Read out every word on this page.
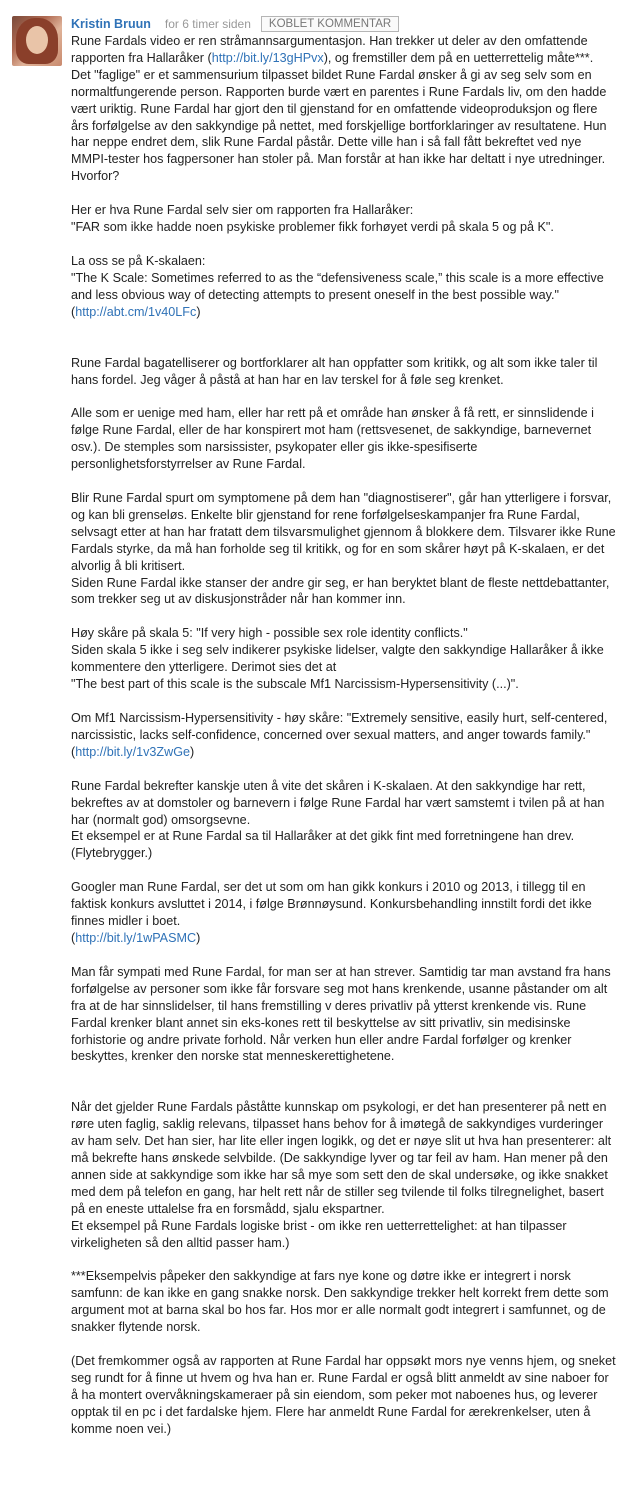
Kristin Bruun for 6 timer siden	KOBLET KOMMENTAR
Rune Fardals video er ren stråmannsargumentasjon. Han trekker ut deler av den omfattende rapporten fra Hallaråker (http://bit.ly/13gHPvx), og fremstiller dem på en uetterrettelig måte***. Det "faglige" er et sammensurium tilpasset bildet Rune Fardal ønsker å gi av seg selv som en normaltfungerende person. Rapporten burde vært en parentes i Rune Fardals liv, om den hadde vært uriktig. Rune Fardal har gjort den til gjenstand for en omfattende videoproduksjon og flere års forfølgelse av den sakkyndige på nettet, med forskjellige bortforklaringer av resultatene. Hun har neppe endret dem, slik Rune Fardal påstår. Dette ville han i så fall fått bekreftet ved nye MMPI-tester hos fagpersoner han stoler på. Man forstår at han ikke har deltatt i nye utredninger.
Hvorfor?
Her er hva Rune Fardal selv sier om rapporten fra Hallaråker:
"FAR som ikke hadde noen psykiske problemer fikk forhøyet verdi på skala 5 og på K".
La oss se på K-skalaen:
"The K Scale: Sometimes referred to as the “defensiveness scale,” this scale is a more effective and less obvious way of detecting attempts to present oneself in the best possible way."
(http://abt.cm/1v40LFc)
Rune Fardal bagatelliserer og bortforklarer alt han oppfatter som kritikk, og alt som ikke taler til hans fordel. Jeg våger å påstå at han har en lav terskel for å føle seg krenket.
Alle som er uenige med ham, eller har rett på et område han ønsker å få rett, er sinnslidende i følge Rune Fardal, eller de har konspirert mot ham (rettsvesenet, de sakkyndige, barnevernet osv.). De stemples som narsissister, psykopater eller gis ikke-spesifiserte personlighetsforstyrrelser av Rune Fardal.
Blir Rune Fardal spurt om symptomene på dem han "diagnostiserer", går han ytterligere i forsvar, og kan bli grenseløs. Enkelte blir gjenstand for rene forfølgelseskampanjer fra Rune Fardal, selvsagt etter at han har fratatt dem tilsvarsmulighet gjennom å blokkere dem. Tilsvarer ikke Rune Fardals styrke, da må han forholde seg til kritikk, og for en som skårer høyt på K-skalaen, er det alvorlig å bli kritisert.
Siden Rune Fardal ikke stanser der andre gir seg, er han beryktet blant de fleste nettdebattanter, som trekker seg ut av diskusjonstråder når han kommer inn.
Høy skåre på skala 5: "If very high - possible sex role identity conflicts."
Siden skala 5 ikke i seg selv indikerer psykiske lidelser, valgte den sakkyndige Hallaråker å ikke kommentere den ytterligere. Derimot sies det at
"The best part of this scale is the subscale Mf1 Narcissism-Hypersensitivity (...)".
Om Mf1 Narcissism-Hypersensitivity - høy skåre: "Extremely sensitive, easily hurt, self-centered, narcissistic, lacks self-confidence, concerned over sexual matters, and anger towards family."
(http://bit.ly/1v3ZwGe)
Rune Fardal bekrefter kanskje uten å vite det skåren i K-skalaen. At den sakkyndige har rett, bekreftes av at domstoler og barnevern i følge Rune Fardal har vært samstemt i tvilen på at han har (normalt god) omsorgsevne.
Et eksempel er at Rune Fardal sa til Hallaråker at det gikk fint med forretningene han drev. (Flytebrygger.)
Googler man Rune Fardal, ser det ut som om han gikk konkurs i 2010 og 2013, i tillegg til en faktisk konkurs avsluttet i 2014, i følge Brønnøysund. Konkursbehandling innstilt fordi det ikke finnes midler i boet.
(http://bit.ly/1wPASMC)
Man får sympati med Rune Fardal, for man ser at han strever. Samtidig tar man avstand fra hans forfølgelse av personer som ikke får forsvare seg mot hans krenkende, usanne påstander om alt fra at de har sinnslidelser, til hans fremstilling v deres privatliv på ytterst krenkende vis. Rune Fardal krenker blant annet sin eks-kones rett til beskyttelse av sitt privatliv, sin medisinske forhistorie og andre private forhold. Når verken hun eller andre Fardal forfølger og krenker beskyttes, krenker den norske stat menneskerettighetene.
Når det gjelder Rune Fardals påståtte kunnskap om psykologi, er det han presenterer på nett en røre uten faglig, saklig relevans, tilpasset hans behov for å imøtegå de sakkyndiges vurderinger av ham selv. Det han sier, har lite eller ingen logikk, og det er nøye slit ut hva han presenterer: alt må bekrefte hans ønskede selvbilde. (De sakkyndige lyver og tar feil av ham. Han mener på den annen side at sakkyndige som ikke har så mye som sett den de skal undersøke, og ikke snakket med dem på telefon en gang, har helt rett når de stiller seg tvilende til folks tilregnelighet, basert på en eneste uttalelse fra en forsmådd, sjalu ekspartner.
Et eksempel på Rune Fardals logiske brist - om ikke ren uetterrettelighet: at han tilpasser virkeligheten så den alltid passer ham.)
***Eksempelvis påpeker den sakkyndige at fars nye kone og døtre ikke er integrert i norsk samfunn: de kan ikke en gang snakke norsk. Den sakkyndige trekker helt korrekt frem dette som argument mot at barna skal bo hos far. Hos mor er alle normalt godt integrert i samfunnet, og de snakker flytende norsk.
(Det fremkommer også av rapporten at Rune Fardal har oppsøkt mors nye venns hjem, og sneket seg rundt for å finne ut hvem og hva han er. Rune Fardal er også blitt anmeldt av sine naboer for å ha montert overvåkningskameraer på sin eiendom, som peker mot naboenes hus, og leverer opptak til en pc i det fardalske hjem. Flere har anmeldt Rune Fardal for ærekrenkelser, uten å komme noen vei.)
